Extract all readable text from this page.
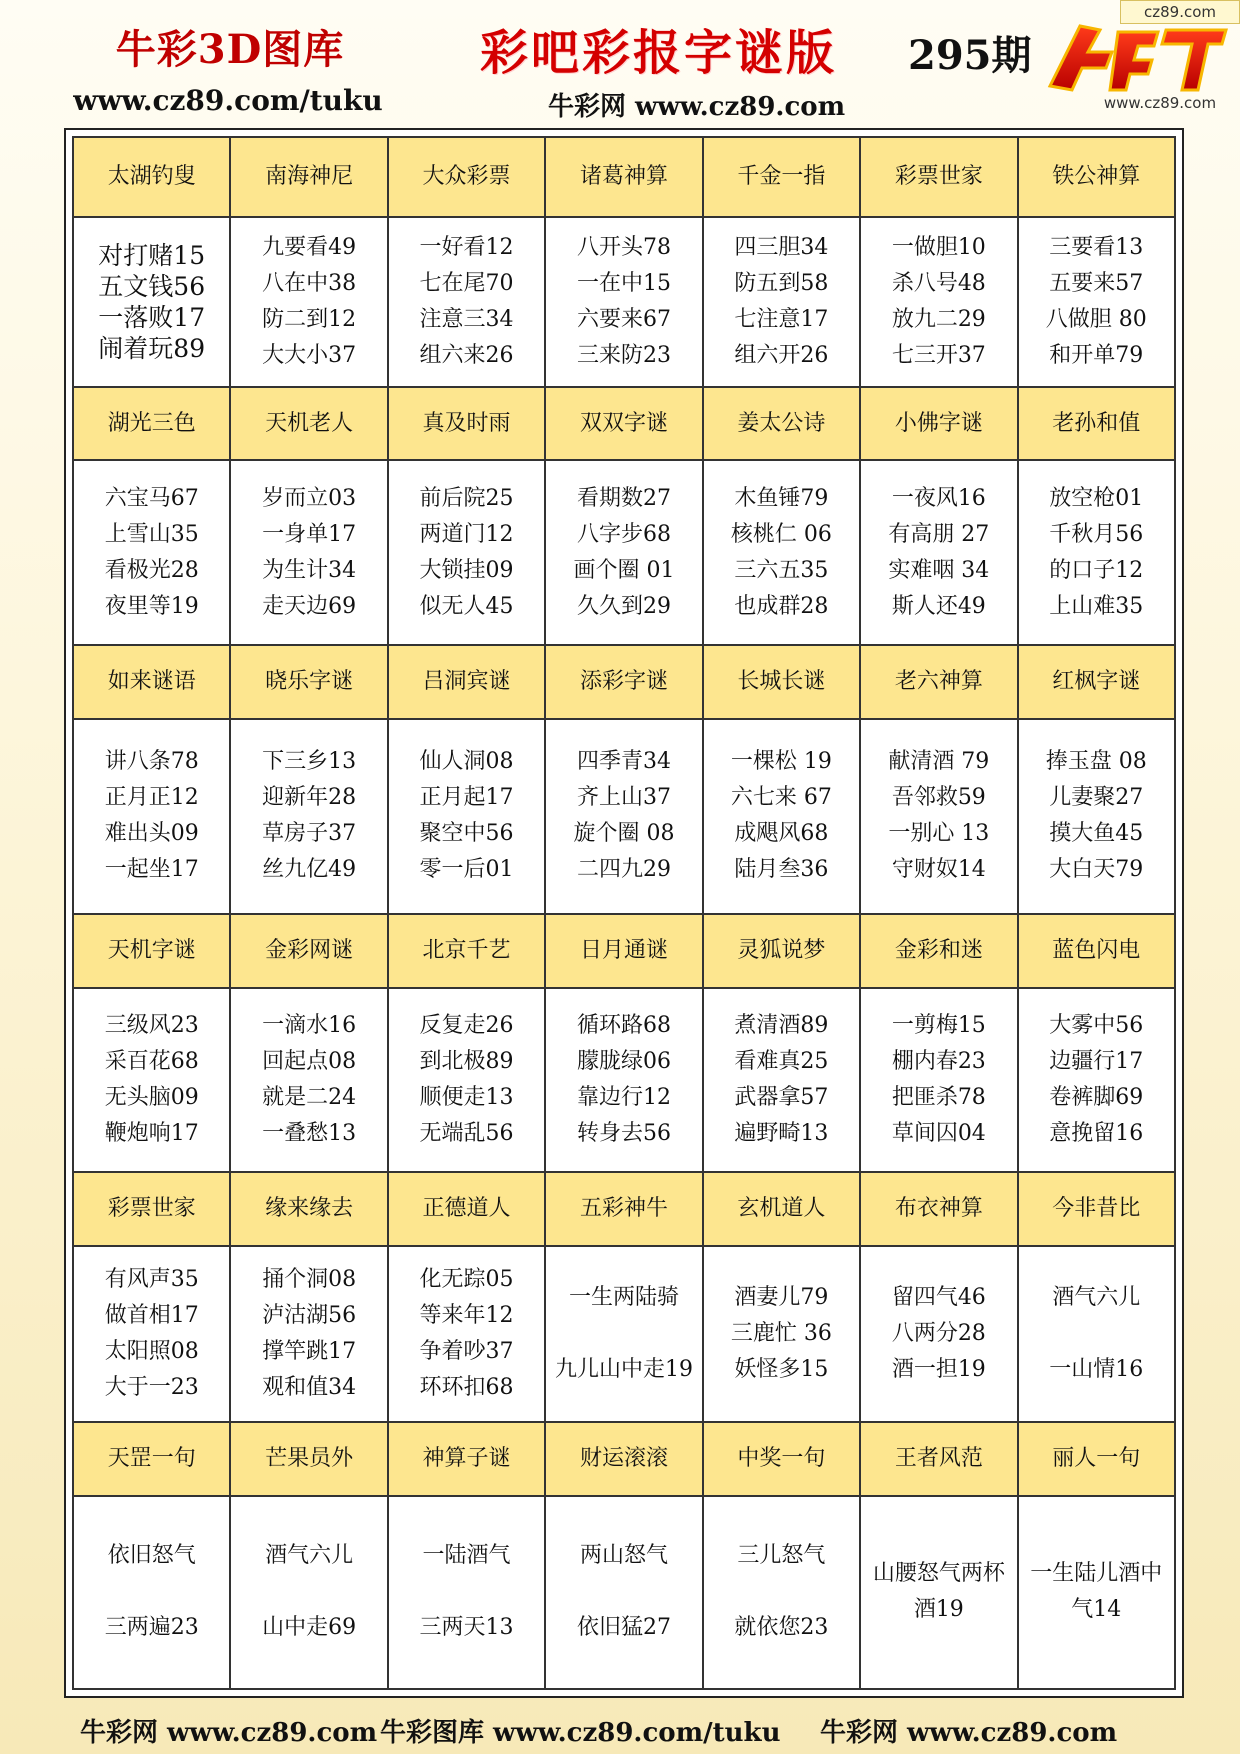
cz89.com
牛彩3D图库
www.cz89.com/tuku
彩吧彩报字谜版 295期
牛彩网 www.cz89.com	www.cz89.com
太湖钓叟	南海神尼	大众彩票	诸葛神算	千金一指	彩票世家	铁公神算

对打赌15
五文钱56
一落败17
闹着玩89	九要看49
八在中38
防二到12
大大小37	一好看12
七在尾70
注意三34
组六来26	八开头78
一在中15
六要来67
三来防23	四三胆34
防五到58
七注意17
组六开26	一做胆10
杀八号48
放九二29
七三开37	三要看13
五要来57
八做胆 80
和开单79

湖光三色	天机老人	真及时雨	双双字谜	姜太公诗	小佛字谜	老孙和值

六宝马67
上雪山35
看极光28
夜里等19	岁而立03
一身单17
为生计34
走天边69	前后院25
两道门12
大锁挂09
似无人45	看期数27
八字步68
画个圈 01
久久到29	木鱼锤79
核桃仁 06
三六五35
也成群28	一夜风16
有高朋 27
实难咽 34
斯人还49	放空枪01
千秋月56
的口子12
上山难35

如来谜语	晓乐字谜	吕洞宾谜	添彩字谜	长城长谜	老六神算	红枫字谜

讲八条78
正月正12
难出头09
一起坐17	下三乡13
迎新年28
草房子37
丝九亿49	仙人洞08
正月起17
聚空中56
零一后01	四季青34
齐上山37
旋个圈 08
二四九29	一棵松 19
六七来 67
成飓风68
陆月叁36	献清酒 79
吾邻救59
一别心 13
守财奴14	捧玉盘 08
儿妻聚27
摸大鱼45
大白天79

天机字谜	金彩网谜	北京千艺	日月通谜	灵狐说梦	金彩和迷	蓝色闪电

三级风23
采百花68
无头脑09
鞭炮响17	一滴水16
回起点08
就是二24
一叠愁13	反复走26
到北极89
顺便走13
无端乱56	循环路68
朦胧绿06
靠边行12
转身去56	煮清酒89
看难真25
武器拿57
遍野畸13	一剪梅15
棚内春23
把匪杀78
草间囚04	大雾中56
边疆行17
卷裤脚69
意挽留16

彩票世家	缘来缘去	正德道人	五彩神牛	玄机道人	布衣神算	今非昔比

有风声35
做首相17
太阳照08
大于一23	捅个洞08
泸沽湖56
撑竿跳17
观和值34	化无踪05
等来年12
争着吵37
环环扣68	一生两陆骑

九儿山中走19	酒妻儿79
三鹿忙 36
妖怪多15	留四气46
八两分28
酒一担19	酒气六儿

一山情16

天罡一句	芒果员外	神算子谜	财运滚滚	中奖一句	王者风范	丽人一句

依旧怒气

三两遍23	酒气六儿

山中走69	一陆酒气

三两天13	两山怒气

依旧猛27	三儿怒气

就依您23	山腰怒气两杯
酒19	一生陆儿酒中
气14
牛彩网 www.cz89.com 牛彩图库 www.cz89.com/tuku 牛彩网 www.cz89.com
